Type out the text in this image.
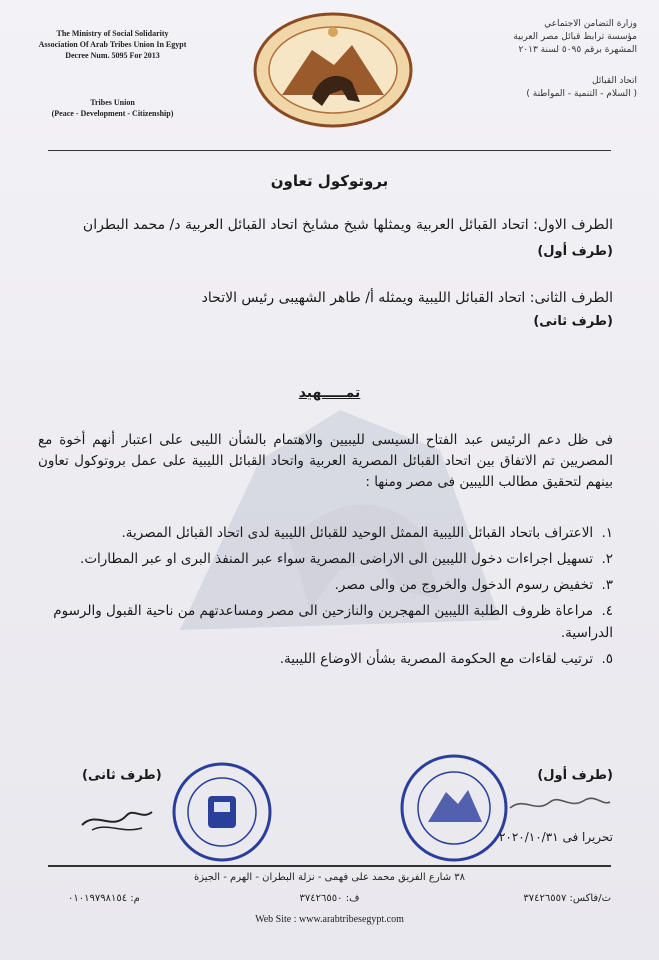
The Ministry of Social Solidarity
Association Of Arab Tribes Union In Egypt
Decree Num. 5095 For 2013
Tribes Union
(Peace - Development - Citizenship)
وزارة التضامن الاجتماعي
مؤسسة ترابط قبائل مصر العربية
المشهرة برقم ٥٠٩٥ لسنة ٢٠١٣
اتحاد القبائل
( السلام - التنمية - المواطنة )
بروتوكول تعاون
الطرف الاول: اتحاد القبائل العربية ويمثلها شيخ مشايخ اتحاد القبائل العربية د/ محمد البطران
(طرف أول)
الطرف الثانى: اتحاد القبائل الليبية ويمثله أ/ طاهر الشهيبى رئيس الاتحاد
(طرف ثانى)
تمـــــهيد
فى ظل دعم الرئيس عبد الفتاح السيسى لليبيين والاهتمام بالشأن الليبى على اعتبار أنهم أخوة مع المصريين تم الاتفاق بين اتحاد القبائل المصرية العربية واتحاد القبائل الليبية على عمل بروتوكول تعاون بينهم لتحقيق مطالب الليبين فى مصر ومنها :
١. الاعتراف باتحاد القبائل الليبية الممثل الوحيد للقبائل الليبية لدى اتحاد القبائل المصرية.
٢. تسهيل اجراءات دخول الليبين الى الاراضى المصرية سواء عبر المنفذ البرى او عبر المطارات.
٣. تخفيض رسوم الدخول والخروج من والى مصر.
٤. مراعاة ظروف الطلبة الليبين المهجرين والنازحين الى مصر ومساعدتهم من ناحية القبول والرسوم الدراسية.
٥. ترتيب لقاءات مع الحكومة المصرية بشأن الاوضاع الليبية.
(طرف ثانى)	(طرف أول)
تحريرا فى ٢٠٢٠/١٠/٣١
٣٨ شارع الفريق محمد على فهمى - نزلة البطران - الهرم - الجيزة
ت/فاكس: ٣٧٤٢٦٥٥٧
ف: ٣٧٤٢٦٥٥٠
م: ٠١٠١٩٧٩٨١٥٤
Web Site : www.arabtribesegypt.com
